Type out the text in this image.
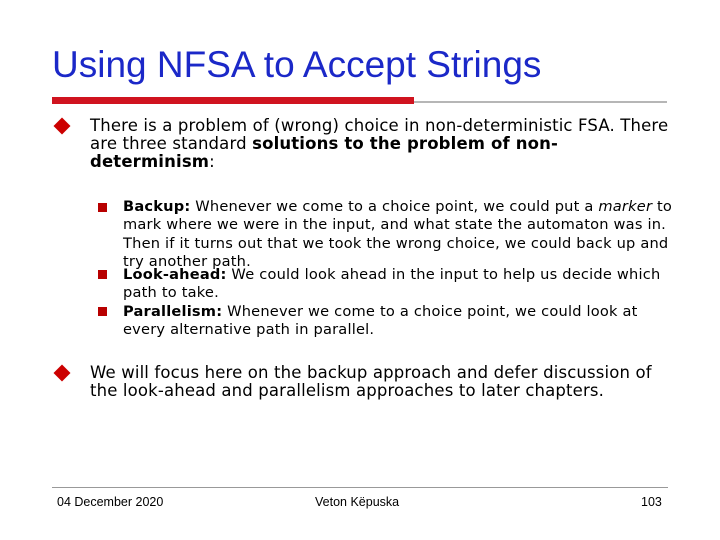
Using NFSA to Accept Strings
There is a problem of (wrong) choice in non-deterministic FSA. There are three standard solutions to the problem of non-determinism:
Backup: Whenever we come to a choice point, we could put a marker to mark where we were in the input, and what state the automaton was in. Then if it turns out that we took the wrong choice, we could back up and try another path.
Look-ahead: We could look ahead in the input to help us decide which path to take.
Parallelism: Whenever we come to a choice point, we could look at every alternative path in parallel.
We will focus here on the backup approach and defer discussion of the look-ahead and parallelism approaches to later chapters.
04 December 2020	Veton Këpuska	103
